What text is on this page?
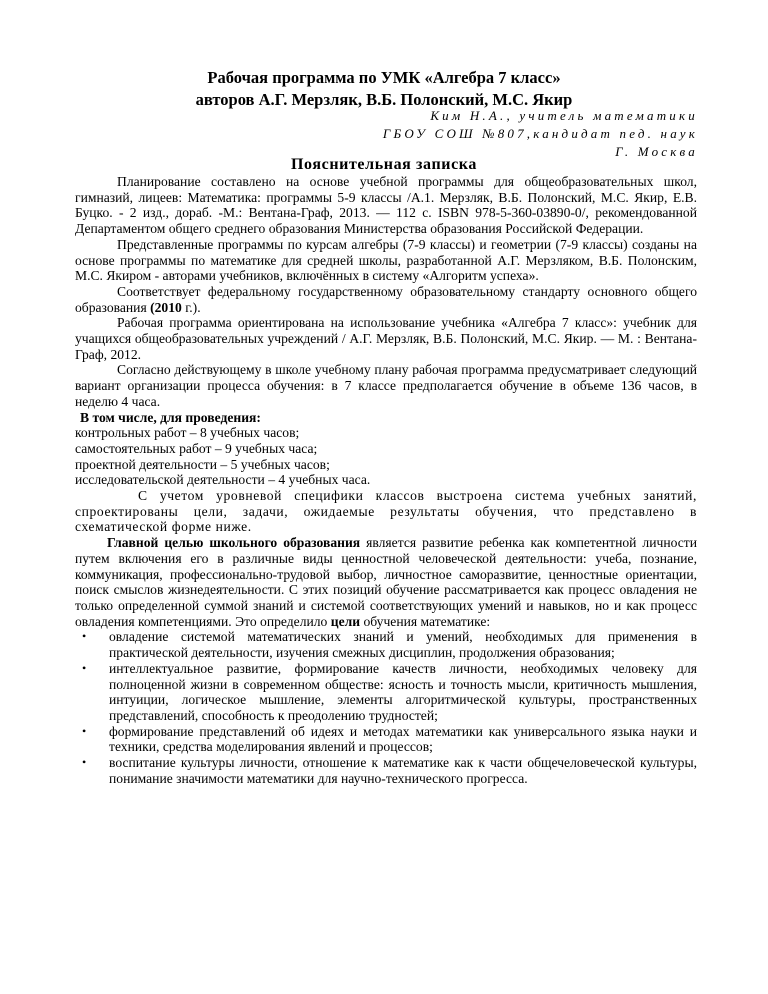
Рабочая программа по УМК «Алгебра 7 класс»
авторов А.Г. Мерзляк, В.Б. Полонский, М.С. Якир
Ким Н.А., учитель математики
ГБОУ СОШ №807,кандидат пед. наук
Г. Москва
Пояснительная записка

Планирование составлено на основе учебной программы для общеобразовательных школ, гимназий, лицеев: Математика: программы 5-9 классы /А.1. Мерзляк, В.Б. Полонский, М.С. Якир, Е.В. Буцко. - 2 изд., дораб. -М.: Вентана-Граф, 2013. — 112 с. ISBN 978-5-360-03890-0/, рекомендованной Департаментом общего среднего образования Министерства образования Российской Федерации.

Представленные программы по курсам алгебры (7-9 классы) и геометрии (7-9 классы) созданы на основе программы по математике для средней школы, разработанной А.Г. Мерзляком, В.Б. Полонским, М.С. Якиром - авторами учебников, включённых в систему «Алгоритм успеха».

Соответствует федеральному государственному образовательному стандарту основного общего образования (2010 г.).

Рабочая программа ориентирована на использование учебника «Алгебра 7 класс»: учебник для учащихся общеобразовательных учреждений / А.Г. Мерзляк, В.Б. Полонский, М.С. Якир. — М. : Вентана-Граф, 2012.

Согласно действующему в школе учебному плану рабочая программа предусматривает следующий вариант организации процесса обучения: в 7 классе предполагается обучение в объеме 136 часов, в неделю 4 часа.

В том числе, для проведения:

контрольных работ – 8 учебных часов;

самостоятельных работ – 9 учебных часа;

проектной деятельности – 5 учебных часов;

исследовательской деятельности – 4 учебных часа.

С учетом уровневой специфики классов выстроена система учебных занятий, спроектированы цели, задачи, ожидаемые результаты обучения, что представлено в схематической форме ниже.

Главной целью школьного образования является развитие ребенка как компетентной личности путем включения его в различные виды ценностной человеческой деятельности: учеба, познание, коммуникация, профессионально-трудовой выбор, личностное саморазвитие, ценностные ориентации, поиск смыслов жизнедеятельности. С этих позиций обучение рассматривается как процесс овладения не только определенной суммой знаний и системой соответствующих умений и навыков, но и как процесс овладения компетенциями. Это определило цели обучения математике:

• овладение системой математических знаний и умений, необходимых для применения в практической деятельности, изучения смежных дисциплин, продолжения образования;
• интеллектуальное развитие, формирование качеств личности, необходимых человеку для полноценной жизни в современном обществе: ясность и точность мысли, критичность мышления, интуиции, логическое мышление, элементы алгоритмической культуры, пространственных представлений, способность к преодолению трудностей;
• формирование представлений об идеях и методах математики как универсального языка науки и техники, средства моделирования явлений и процессов;
• воспитание культуры личности, отношение к математике как к части общечеловеческой культуры, понимание значимости математики для научно-технического прогресса.
